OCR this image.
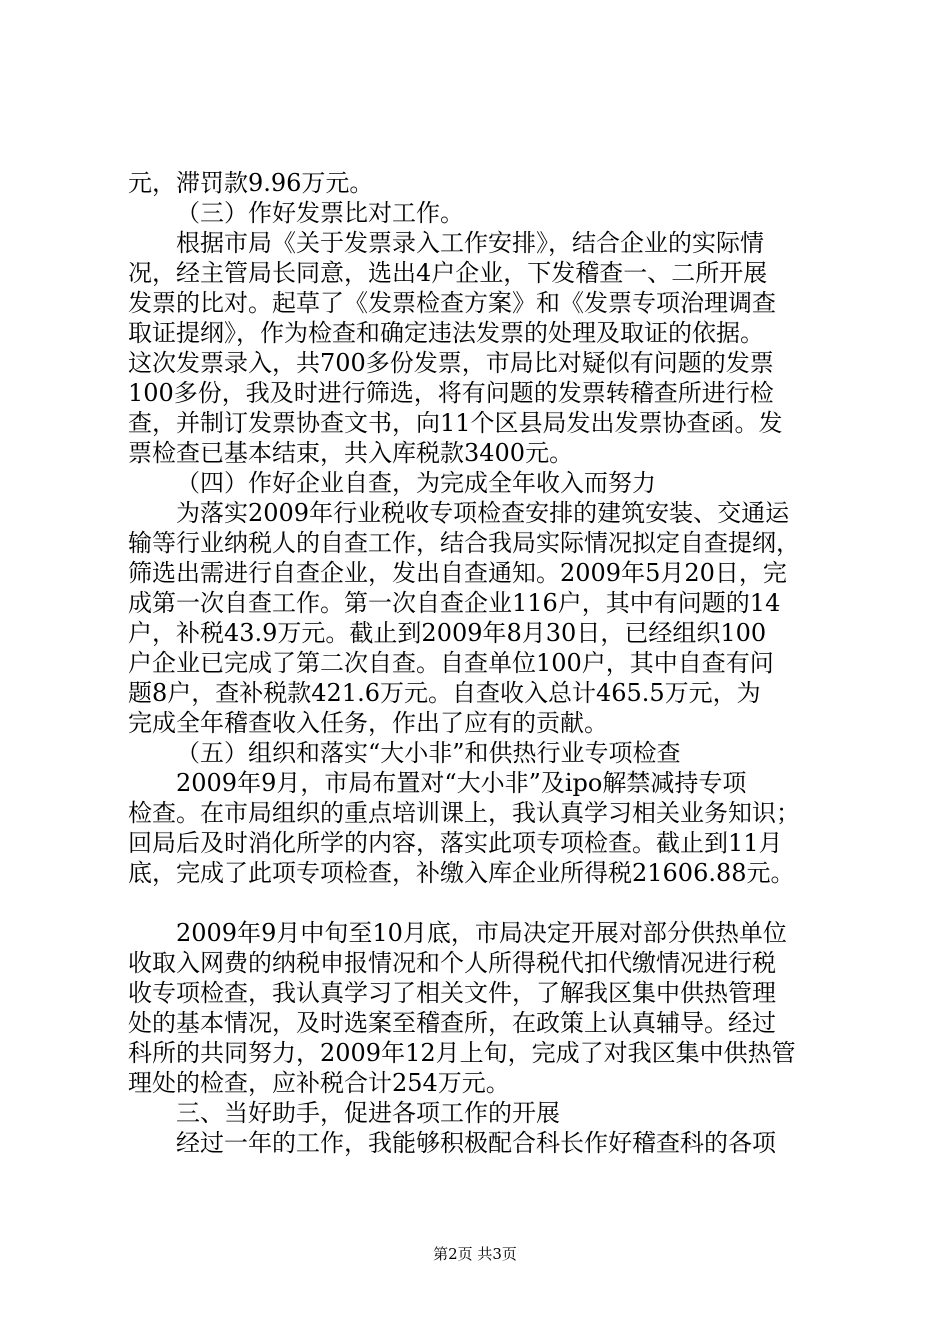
元，滞罚款9.96万元。
（三）作好发票比对工作。
根据市局《关于发票录入工作安排》，结合企业的实际情
况，经主管局长同意，选出4户企业，下发稽查一、二所开展
发票的比对。起草了《发票检查方案》和《发票专项治理调查
取证提纲》，作为检查和确定违法发票的处理及取证的依据。
这次发票录入，共700多份发票，市局比对疑似有问题的发票
100多份，我及时进行筛选，将有问题的发票转稽查所进行检
查，并制订发票协查文书，向11个区县局发出发票协查函。发
票检查已基本结束，共入库税款3400元。
（四）作好企业自查，为完成全年收入而努力
为落实2009年行业税收专项检查安排的建筑安装、交通运
输等行业纳税人的自查工作，结合我局实际情况拟定自查提纲，
筛选出需进行自查企业，发出自查通知。2009年5月20日，完
成第一次自查工作。第一次自查企业116户，其中有问题的14
户，补税43.9万元。截止到2009年8月30日，已经组织100
户企业已完成了第二次自查。自查单位100户，其中自查有问
题8户，查补税款421.6万元。自查收入总计465.5万元，为
完成全年稽查收入任务，作出了应有的贡献。
（五）组织和落实“大小非”和供热行业专项检查
2009年9月，市局布置对“大小非”及ipo解禁减持专项
检查。在市局组织的重点培训课上，我认真学习相关业务知识；
回局后及时消化所学的内容，落实此项专项检查。截止到11月
底，完成了此项专项检查，补缴入库企业所得税21606.88元。
2009年9月中旬至10月底，市局决定开展对部分供热单位
收取入网费的纳税申报情况和个人所得税代扣代缴情况进行税
收专项检查，我认真学习了相关文件，了解我区集中供热管理
处的基本情况，及时选案至稽查所，在政策上认真辅导。经过
科所的共同努力，2009年12月上旬，完成了对我区集中供热管
理处的检查，应补税合计254万元。
三、当好助手，促进各项工作的开展
经过一年的工作，我能够积极配合科长作好稽查科的各项
第2页 共3页
